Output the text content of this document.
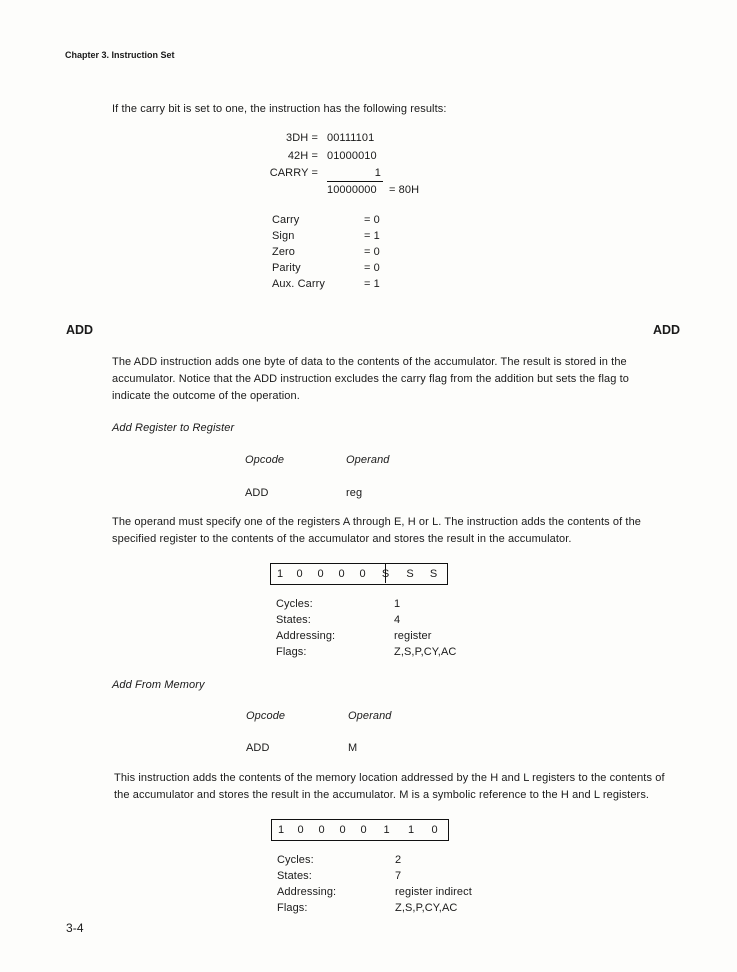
Chapter 3. Instruction Set
If the carry bit is set to one, the instruction has the following results:
3DH = 00111101
42H = 01000010
CARRY =	1
10000000 = 80H
Carry	= 0
Sign	= 1
Zero	= 0
Parity	= 0
Aux. Carry	= 1
ADD	ADD
The ADD instruction adds one byte of data to the contents of the accumulator. The result is stored in the
accumulator. Notice that the ADD instruction excludes the carry flag from the addition but sets the flag to
indicate the outcome of the operation.
Add Register to Register
Opcode	Operand
ADD	reg
The operand must specify one of the registers A through E, H or L. The instruction adds the contents of the
specified register to the contents of the accumulator and stores the result in the accumulator.
1	0	0	0	0	S	S	S
Cycles:	1
States:	4
Addressing:	register
Flags:	Z,S,P,CY,AC
Add From Memory
Opcode	Operand
ADD	M
This instruction adds the contents of the memory location addressed by the H and L registers to the contents of
the accumulator and stores the result in the accumulator. M is a symbolic reference to the H and L registers.
1	0	0	0	0	1	1	0
Cycles:	2
States:	7
Addressing:	register indirect
Flags:	Z,S,P,CY,AC
3-4
